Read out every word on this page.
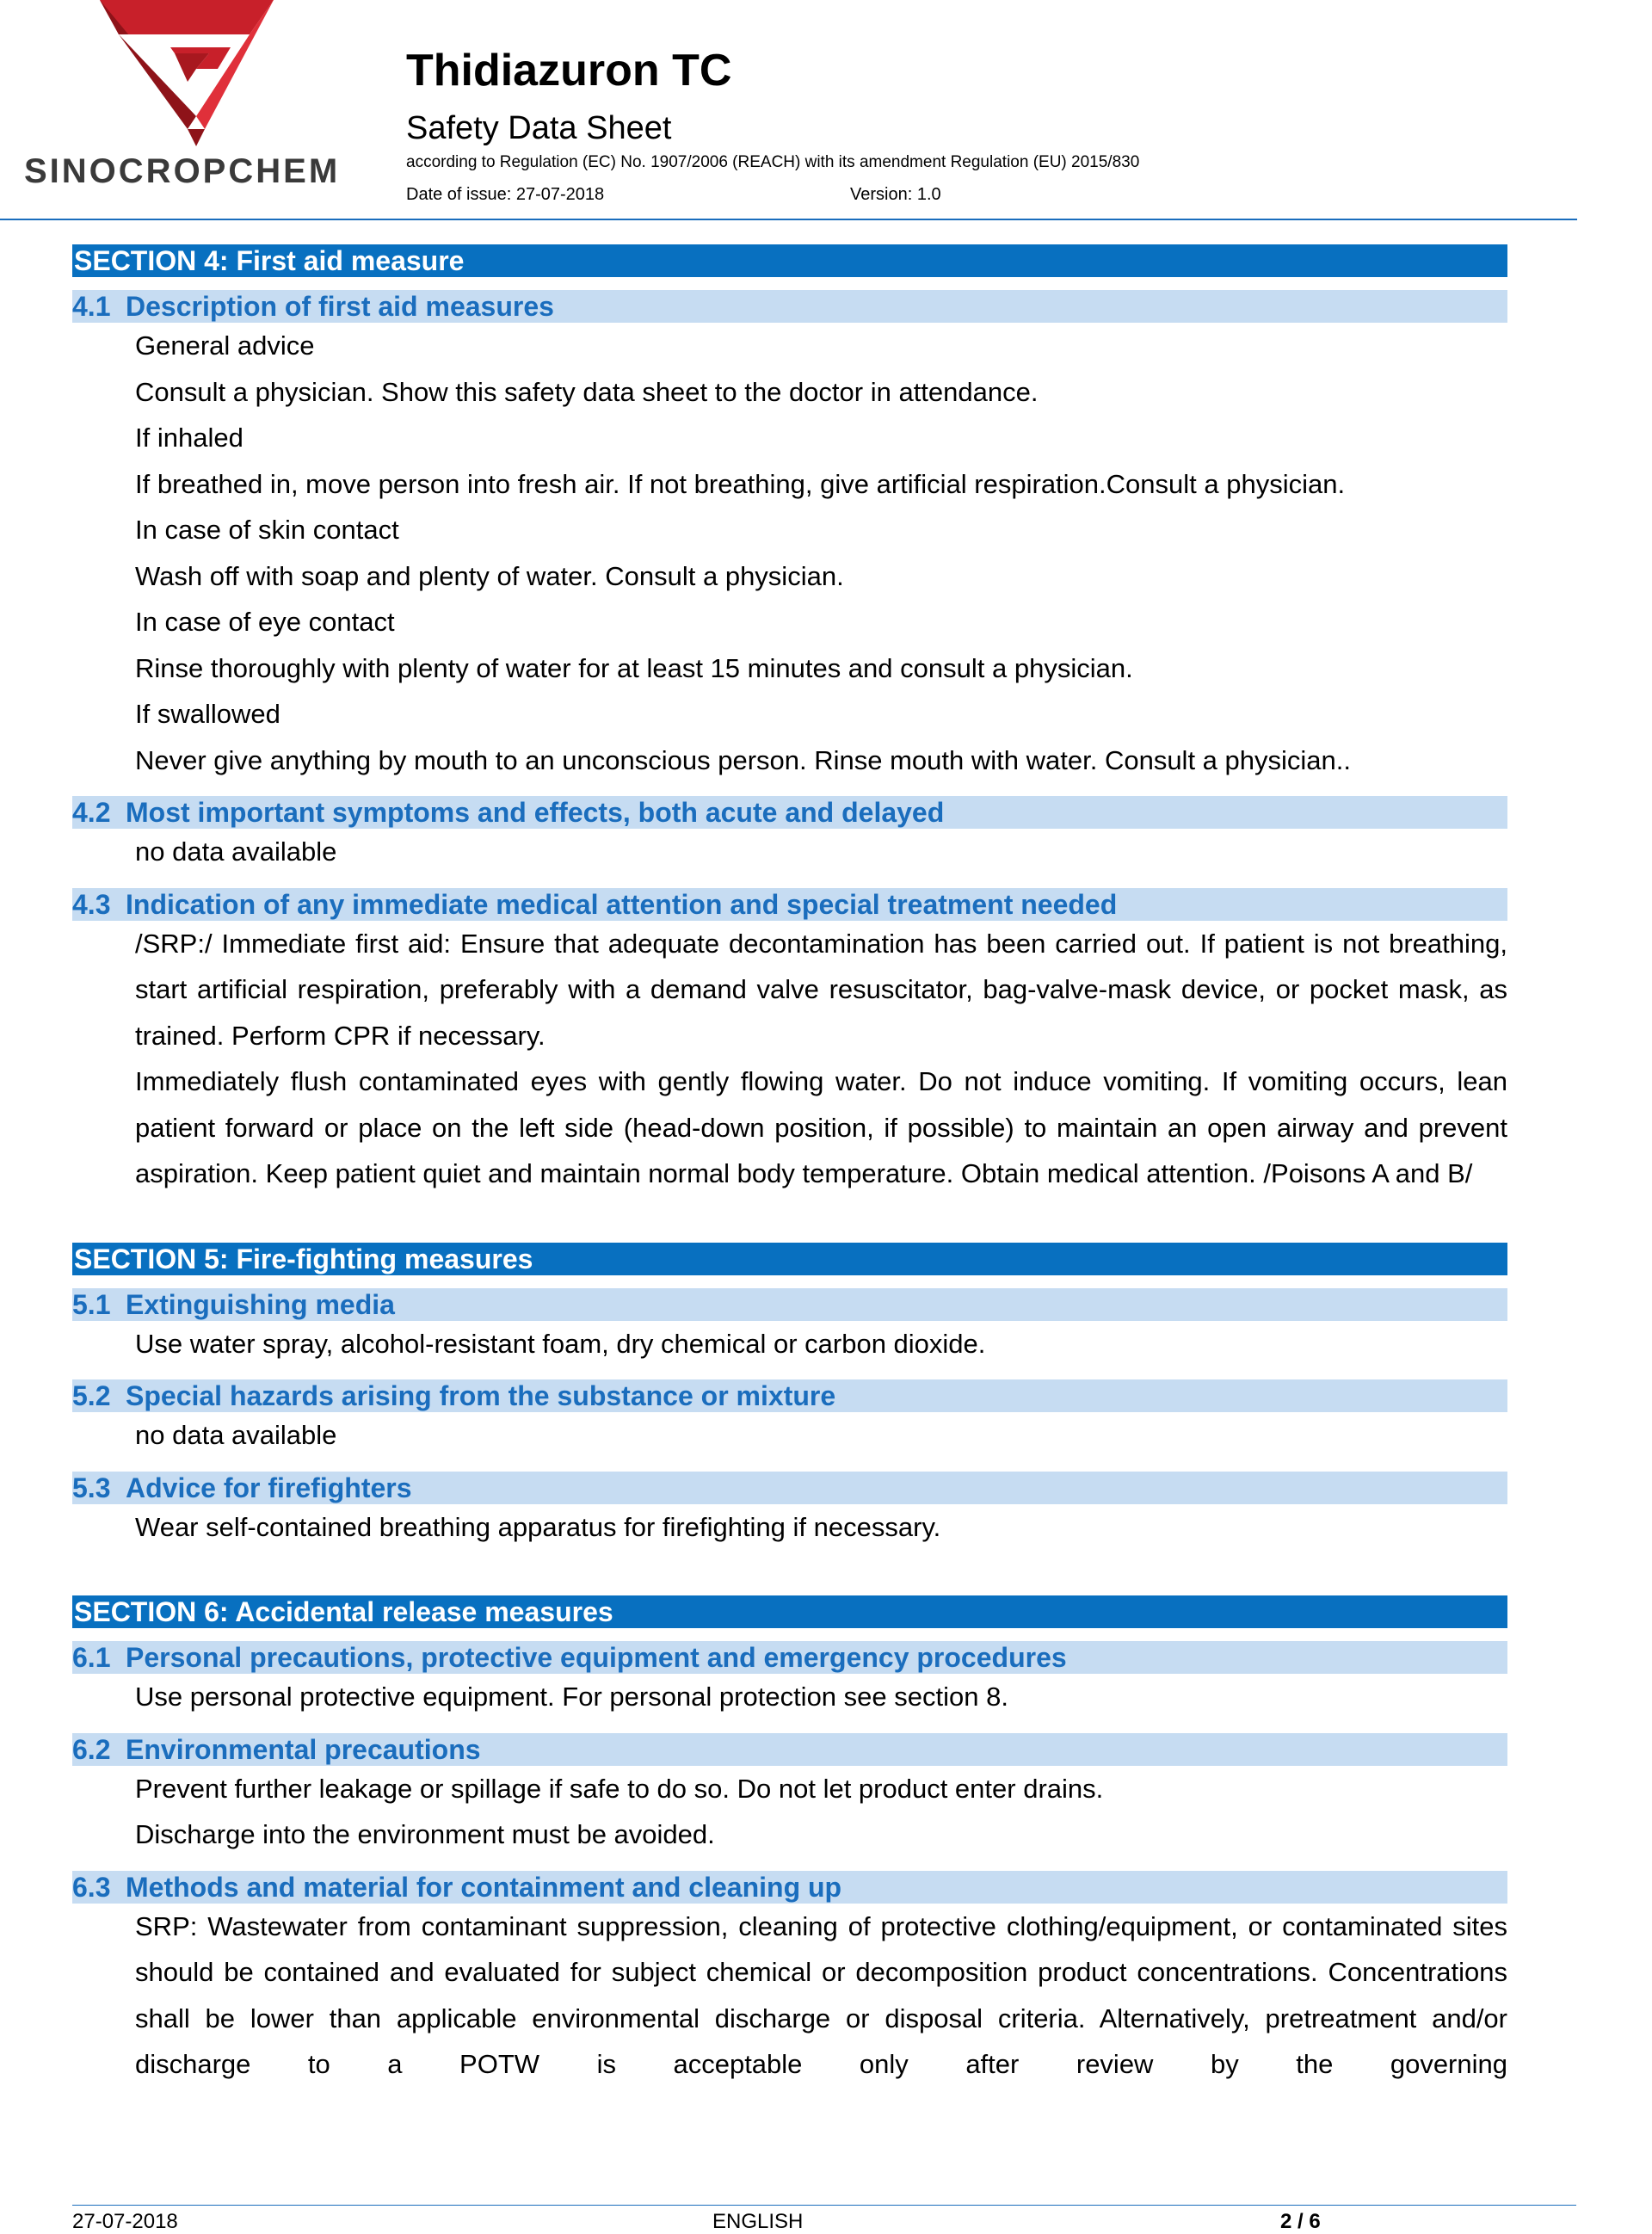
SINOCROPCHEM
Thidiazuron TC
Safety Data Sheet
according to Regulation (EC) No. 1907/2006 (REACH) with its amendment Regulation (EU) 2015/830
Date of issue: 27-07-2018	Version: 1.0
SECTION 4: First aid measure
4.1 Description of first aid measures
General advice
Consult a physician. Show this safety data sheet to the doctor in attendance.
If inhaled
If breathed in, move person into fresh air. If not breathing, give artificial respiration.Consult a physician.
In case of skin contact
Wash off with soap and plenty of water. Consult a physician.
In case of eye contact
Rinse thoroughly with plenty of water for at least 15 minutes and consult a physician.
If swallowed
Never give anything by mouth to an unconscious person. Rinse mouth with water. Consult a physician..
4.2 Most important symptoms and effects, both acute and delayed
no data available
4.3 Indication of any immediate medical attention and special treatment needed
/SRP:/ Immediate first aid: Ensure that adequate decontamination has been carried out. If patient is not breathing, start artificial respiration, preferably with a demand valve resuscitator, bag-valve-mask device, or pocket mask, as trained. Perform CPR if necessary.
Immediately flush contaminated eyes with gently flowing water. Do not induce vomiting. If vomiting occurs, lean patient forward or place on the left side (head-down position, if possible) to maintain an open airway and prevent aspiration. Keep patient quiet and maintain normal body temperature. Obtain medical attention. /Poisons A and B/
SECTION 5: Fire-fighting measures
5.1 Extinguishing media
Use water spray, alcohol-resistant foam, dry chemical or carbon dioxide.
5.2 Special hazards arising from the substance or mixture
no data available
5.3 Advice for firefighters
Wear self-contained breathing apparatus for firefighting if necessary.
SECTION 6: Accidental release measures
6.1 Personal precautions, protective equipment and emergency procedures
Use personal protective equipment. For personal protection see section 8.
6.2 Environmental precautions
Prevent further leakage or spillage if safe to do so. Do not let product enter drains.
Discharge into the environment must be avoided.
6.3 Methods and material for containment and cleaning up
SRP: Wastewater from contaminant suppression, cleaning of protective clothing/equipment, or contaminated sites should be contained and evaluated for subject chemical or decomposition product concentrations. Concentrations shall be lower than applicable environmental discharge or disposal criteria. Alternatively, pretreatment and/or discharge to a POTW is acceptable only after review by the governing
27-07-2018	ENGLISH	2 / 6
